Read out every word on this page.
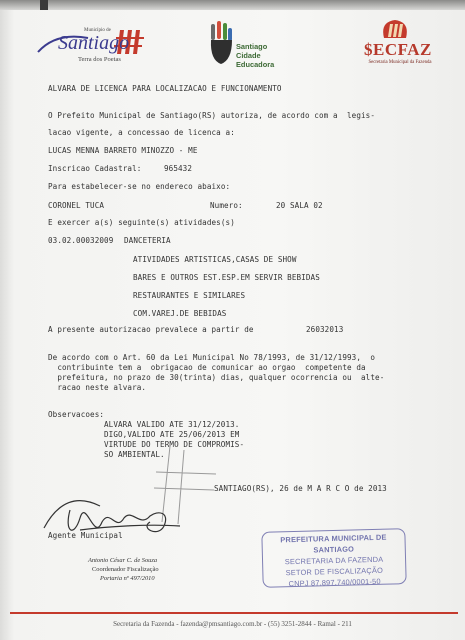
Município de
Santiago
Terra dos Poetas
Santiago
Cidade Educadora
$ECFAZ
Secretaria Municipal da Fazenda
ALVARA DE LICENCA PARA LOCALIZACAO E FUNCIONAMENTO
O Prefeito Municipal de Santiago(RS) autoriza, de acordo com a  legis-
lacao vigente, a concessao de licenca a:
LUCAS MENNA BARRETO MINOZZO - ME
Inscricao Cadastral:	965432
Para estabelecer-se no endereco abaixo:
CORONEL TUCA	Numero:	20 SALA 02
E exercer a(s) seguinte(s) atividades(s)
03.02.00032009 DANCETERIA
ATIVIDADES ARTISTICAS,CASAS DE SHOW
BARES E OUTROS EST.ESP.EM SERVIR BEBIDAS
RESTAURANTES E SIMILARES
COM.VAREJ.DE BEBIDAS
A presente autorizacao prevalece a partir de	26032013
De acordo com o Art. 60 da Lei Municipal No 78/1993, de 31/12/1993,  o
contribuinte tem a  obrigacao de comunicar ao orgao  competente da
prefeitura, no prazo de 30(trinta) dias, qualquer ocorrencia ou  alte-
racao neste alvara.
Observacoes:
ALVARA VALIDO ATE 31/12/2013.
DIGO,VALIDO ATE 25/06/2013 EM
VIRTUDE DO TERMO DE COMPROMIS-
SO AMBIENTAL.
SANTIAGO(RS), 26 de M A R C O de 2013
Agente Municipal
Antonio César C. de Souza
Coordenador Fiscalização
Portaria nº 497/2010
PREFEITURA MUNICIPAL DE SANTIAGO
SECRETARIA DA FAZENDA
SETOR DE FISCALIZAÇÃO
CNPJ 87.897.740/0001-50
Secretaria da Fazenda - fazenda@pmsantiago.com.br - (55) 3251-2844 - Ramal - 211
